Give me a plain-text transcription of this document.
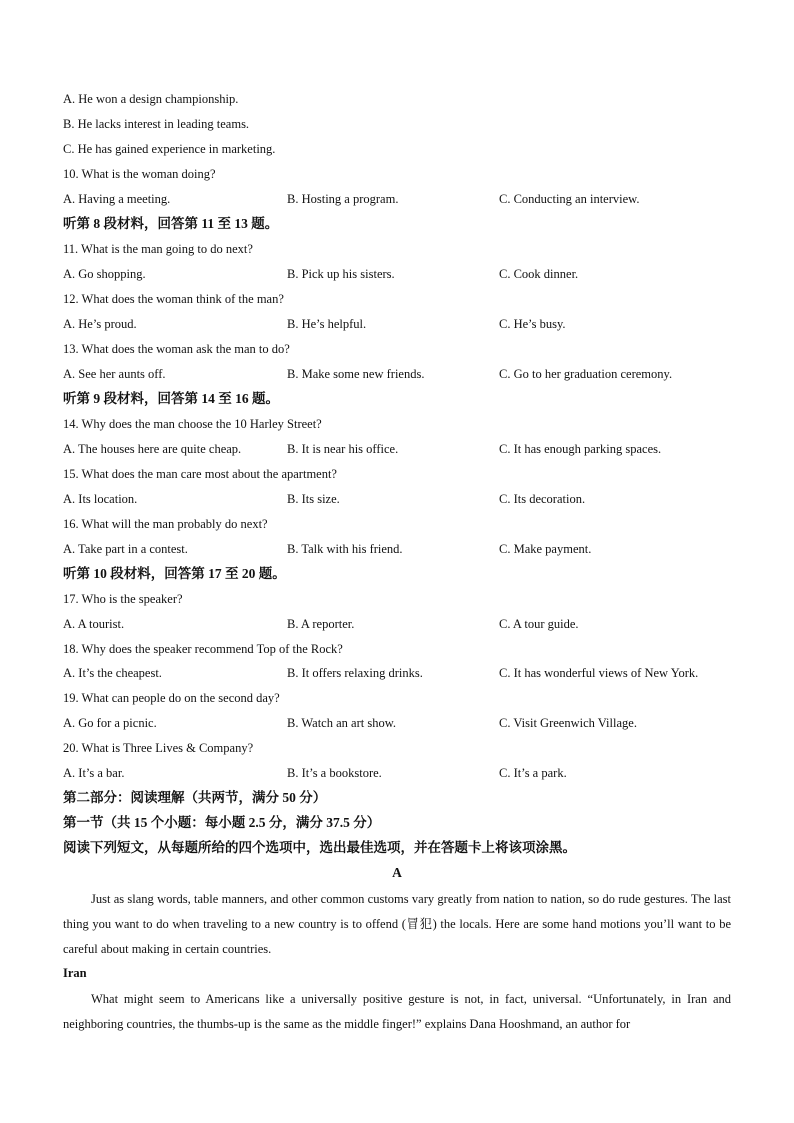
A. He won a design championship.
B. He lacks interest in leading teams.
C. He has gained experience in marketing.
10. What is the woman doing?
A. Having a meeting.	B. Hosting a program.	C. Conducting an interview.
听第 8 段材料，回答第 11 至 13 题。
11. What is the man going to do next?
A. Go shopping.	B. Pick up his sisters.	C. Cook dinner.
12. What does the woman think of the man?
A. He’s proud.	B. He’s helpful.	C. He’s busy.
13. What does the woman ask the man to do?
A. See her aunts off.	B. Make some new friends.	C. Go to her graduation ceremony.
听第 9 段材料，回答第 14 至 16 题。
14. Why does the man choose the 10 Harley Street?
A. The houses here are quite cheap.	B. It is near his office.	C. It has enough parking spaces.
15. What does the man care most about the apartment?
A. Its location.	B. Its size.	C. Its decoration.
16. What will the man probably do next?
A. Take part in a contest.	B. Talk with his friend.	C. Make payment.
听第 10 段材料，回答第 17 至 20 题。
17. Who is the speaker?
A. A tourist.	B. A reporter.	C. A tour guide.
18. Why does the speaker recommend Top of the Rock?
A. It’s the cheapest.	B. It offers relaxing drinks.	C. It has wonderful views of New York.
19. What can people do on the second day?
A. Go for a picnic.	B. Watch an art show.	C. Visit Greenwich Village.
20. What is Three Lives & Company?
A. It’s a bar.	B. It’s a bookstore.	C. It’s a park.
第二部分：阅读理解（共两节，满分 50 分）
第一节（共 15 个小题：每小题 2.5 分，满分 37.5 分）
阅读下列短文，从每题所给的四个选项中，选出最佳选项，并在答题卡上将该项涂黑。
A
Just as slang words, table manners, and other common customs vary greatly from nation to nation, so do rude gestures. The last thing you want to do when traveling to a new country is to offend (冒犯) the locals. Here are some hand motions you’ll want to be careful about making in certain countries.
Iran
What might seem to Americans like a universally positive gesture is not, in fact, universal. “Unfortunately, in Iran and neighboring countries, the thumbs-up is the same as the middle finger!” explains Dana Hooshmand, an author for
